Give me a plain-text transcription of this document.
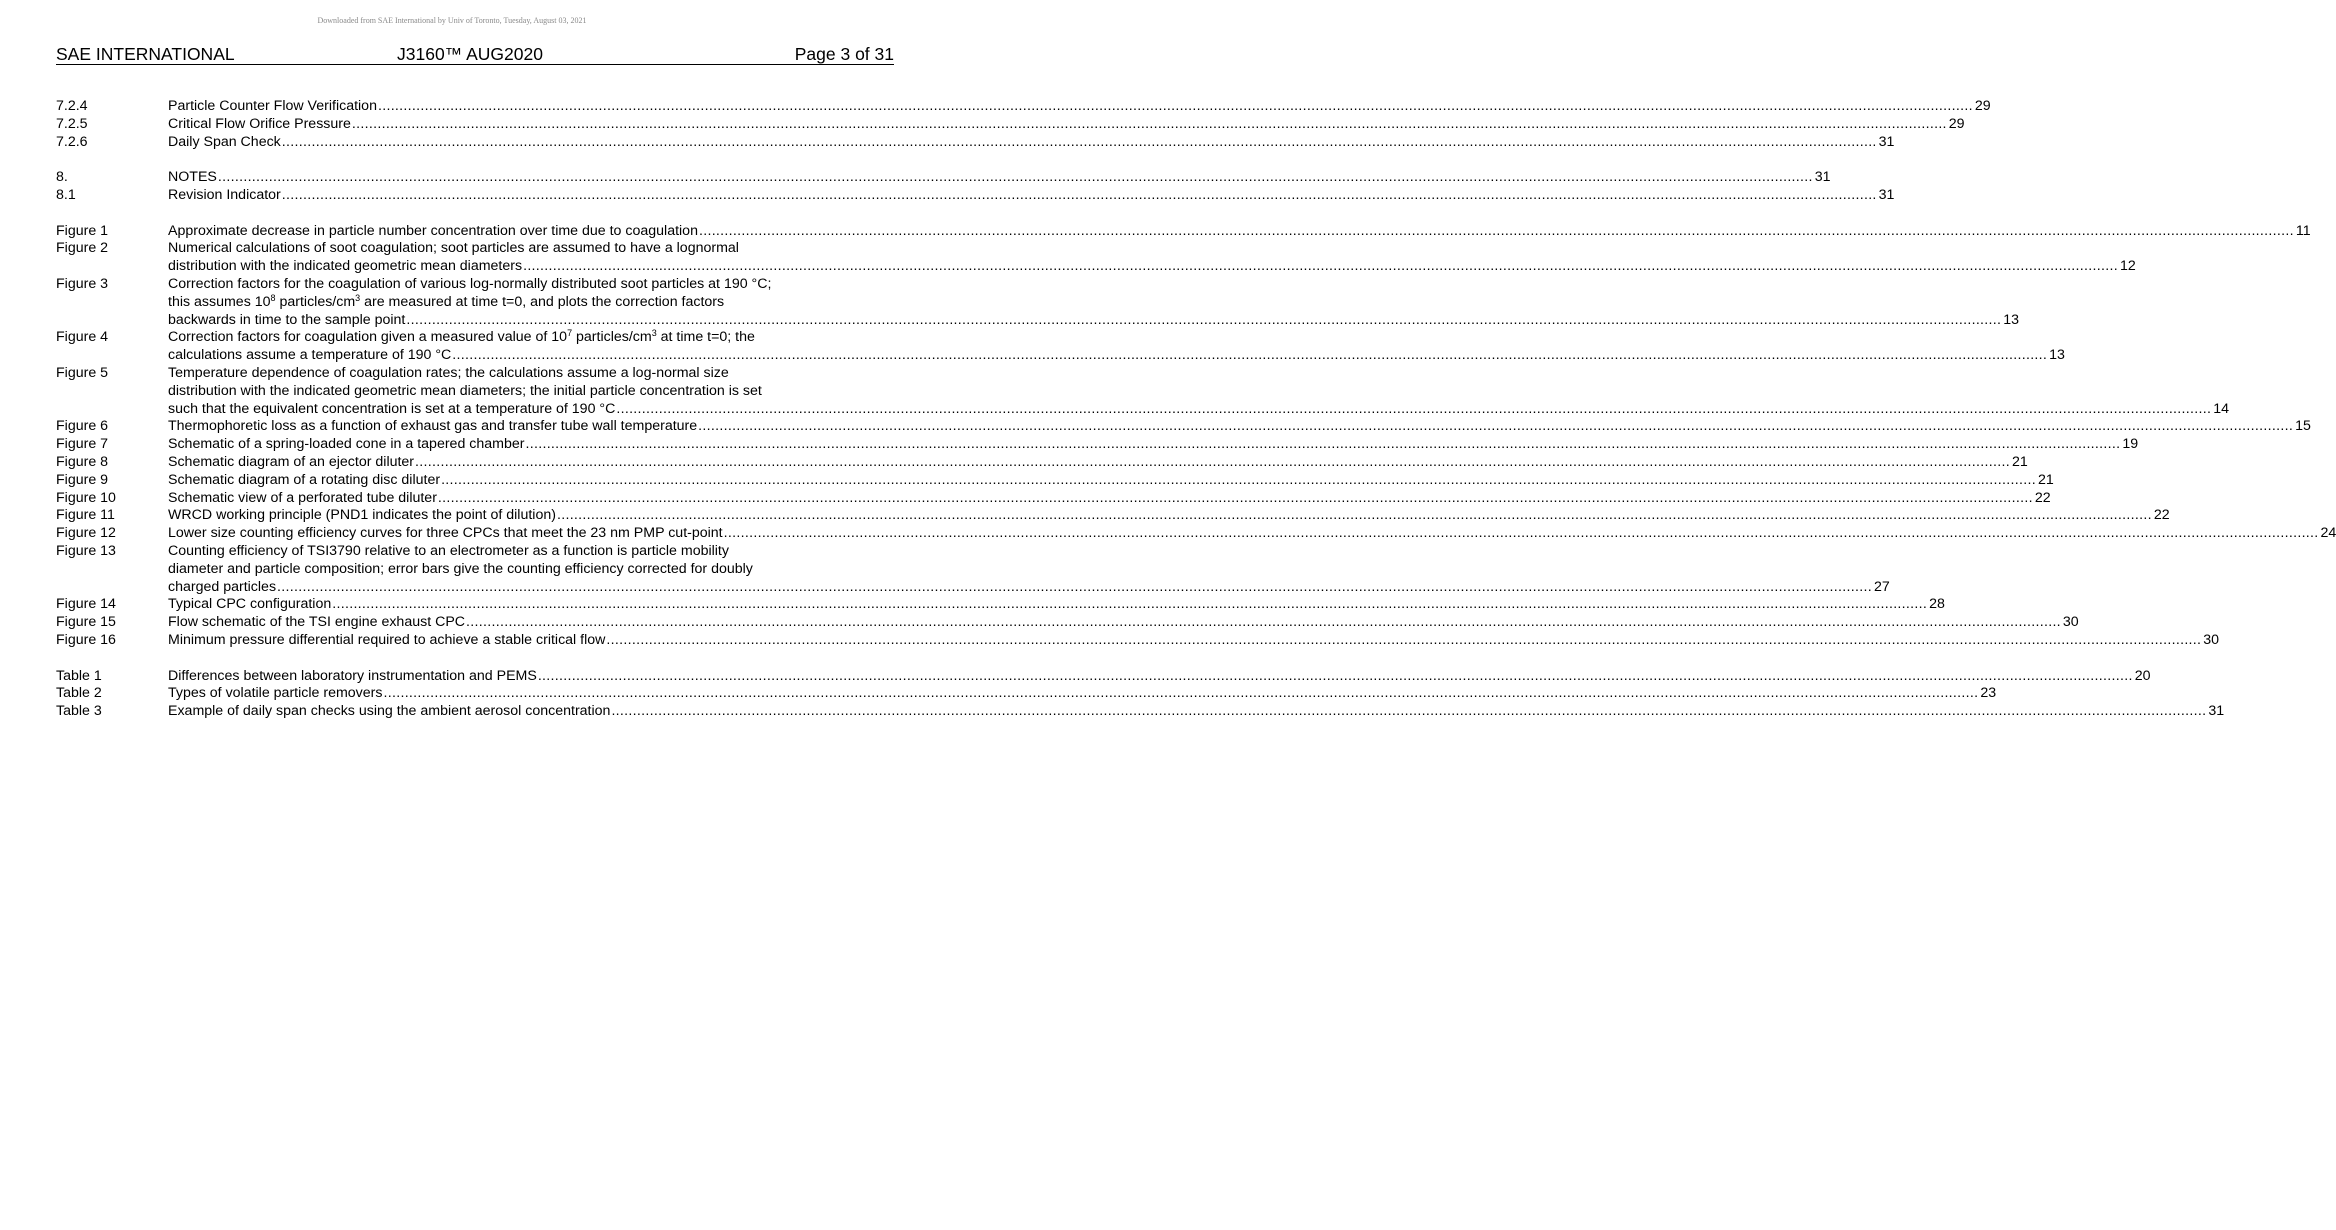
Downloaded from SAE International by Univ of Toronto, Tuesday, August 03, 2021
SAE INTERNATIONAL	J3160™ AUG2020	Page 3 of 31
7.2.4	Particle Counter Flow Verification ........................................................................................................................................................................................................................................................................................................................................................................................ 29
7.2.5	Critical Flow Orifice Pressure ........................................................................................................................................................................................................................................................................................................................................................................................ 29
7.2.6	Daily Span Check ........................................................................................................................................................................................................................................................................................................................................................................................ 31
8.	NOTES ........................................................................................................................................................................................................................................................................................................................................................................................ 31
8.1	Revision Indicator ........................................................................................................................................................................................................................................................................................................................................................................................ 31
Figure 1	Approximate decrease in particle number concentration over time due to coagulation ........................................................................................................................................................................................................................................................................................................................................................................................ 11
Figure 2	Numerical calculations of soot coagulation; soot particles are assumed to have a lognormal
distribution with the indicated geometric mean diameters ........................................................................................................................................................................................................................................................................................................................................................................................ 12
Figure 3	Correction factors for the coagulation of various log-normally distributed soot particles at 190 °C;
this assumes $10^8$ particles/$cm^3$ are measured at time t=0, and plots the correction factors
backwards in time to the sample point ........................................................................................................................................................................................................................................................................................................................................................................................ 13
Figure 4	Correction factors for coagulation given a measured value of $10^7$ particles/$cm^3$ at time t=0; the
calculations assume a temperature of 190 °C ........................................................................................................................................................................................................................................................................................................................................................................................ 13
Figure 5	Temperature dependence of coagulation rates; the calculations assume a log-normal size
distribution with the indicated geometric mean diameters; the initial particle concentration is set
such that the equivalent concentration is set at a temperature of 190 °C ........................................................................................................................................................................................................................................................................................................................................................................................ 14
Figure 6	Thermophoretic loss as a function of exhaust gas and transfer tube wall temperature ........................................................................................................................................................................................................................................................................................................................................................................................ 15
Figure 7	Schematic of a spring-loaded cone in a tapered chamber ........................................................................................................................................................................................................................................................................................................................................................................................ 19
Figure 8	Schematic diagram of an ejector diluter ........................................................................................................................................................................................................................................................................................................................................................................................ 21
Figure 9	Schematic diagram of a rotating disc diluter ........................................................................................................................................................................................................................................................................................................................................................................................ 21
Figure 10	Schematic view of a perforated tube diluter ........................................................................................................................................................................................................................................................................................................................................................................................ 22
Figure 11	WRCD working principle (PND1 indicates the point of dilution) ........................................................................................................................................................................................................................................................................................................................................................................................ 22
Figure 12	Lower size counting efficiency curves for three CPCs that meet the 23 nm PMP cut-point ........................................................................................................................................................................................................................................................................................................................................................................................ 24
Figure 13	Counting efficiency of TSI3790 relative to an electrometer as a function is particle mobility
diameter and particle composition; error bars give the counting efficiency corrected for doubly
charged particles ........................................................................................................................................................................................................................................................................................................................................................................................ 27
Figure 14	Typical CPC configuration ........................................................................................................................................................................................................................................................................................................................................................................................ 28
Figure 15	Flow schematic of the TSI engine exhaust CPC ........................................................................................................................................................................................................................................................................................................................................................................................ 30
Figure 16	Minimum pressure differential required to achieve a stable critical flow ........................................................................................................................................................................................................................................................................................................................................................................................ 30
Table 1	Differences between laboratory instrumentation and PEMS ........................................................................................................................................................................................................................................................................................................................................................................................ 20
Table 2	Types of volatile particle removers ........................................................................................................................................................................................................................................................................................................................................................................................ 23
Table 3	Example of daily span checks using the ambient aerosol concentration ........................................................................................................................................................................................................................................................................................................................................................................................ 31
